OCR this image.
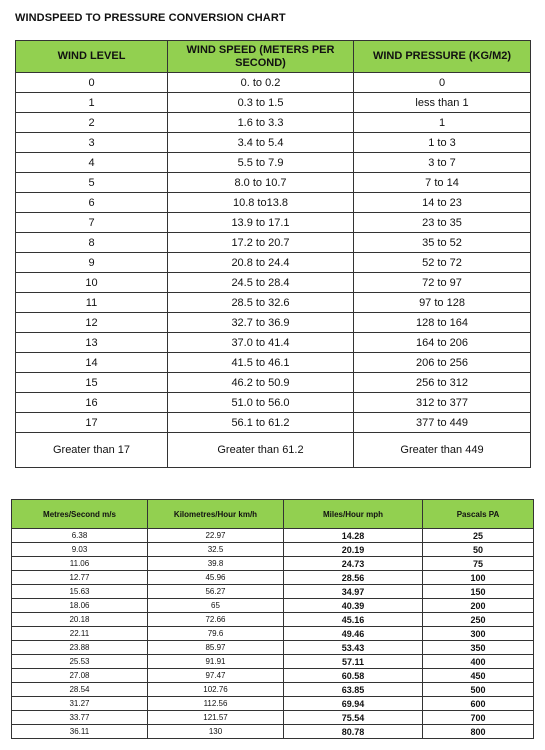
WINDSPEED TO PRESSURE CONVERSION CHART
WIND LEVEL	WIND SPEED (METERS PER SECOND)	WIND PRESSURE (KG/M2)
0	0. to 0.2	0
1	0.3 to 1.5	less than 1
2	1.6 to 3.3	1
3	3.4 to 5.4	1 to 3
4	5.5 to 7.9	3 to 7
5	8.0 to 10.7	7 to 14
6	10.8 to13.8	14 to 23
7	13.9 to 17.1	23 to 35
8	17.2 to 20.7	35 to 52
9	20.8 to 24.4	52 to 72
10	24.5 to 28.4	72 to 97
11	28.5 to 32.6	97 to 128
12	32.7 to 36.9	128 to 164
13	37.0 to 41.4	164 to 206
14	41.5 to 46.1	206 to 256
15	46.2 to 50.9	256 to 312
16	51.0 to 56.0	312 to 377
17	56.1 to 61.2	377 to 449
Greater than 17	Greater than 61.2	Greater than 449
Metres/Second m/s	Kilometres/Hour km/h	Miles/Hour mph	Pascals PA
6.38	22.97	14.28	25
9.03	32.5	20.19	50
11.06	39.8	24.73	75
12.77	45.96	28.56	100
15.63	56.27	34.97	150
18.06	65	40.39	200
20.18	72.66	45.16	250
22.11	79.6	49.46	300
23.88	85.97	53.43	350
25.53	91.91	57.11	400
27.08	97.47	60.58	450
28.54	102.76	63.85	500
31.27	112.56	69.94	600
33.77	121.57	75.54	700
36.11	130	80.78	800
